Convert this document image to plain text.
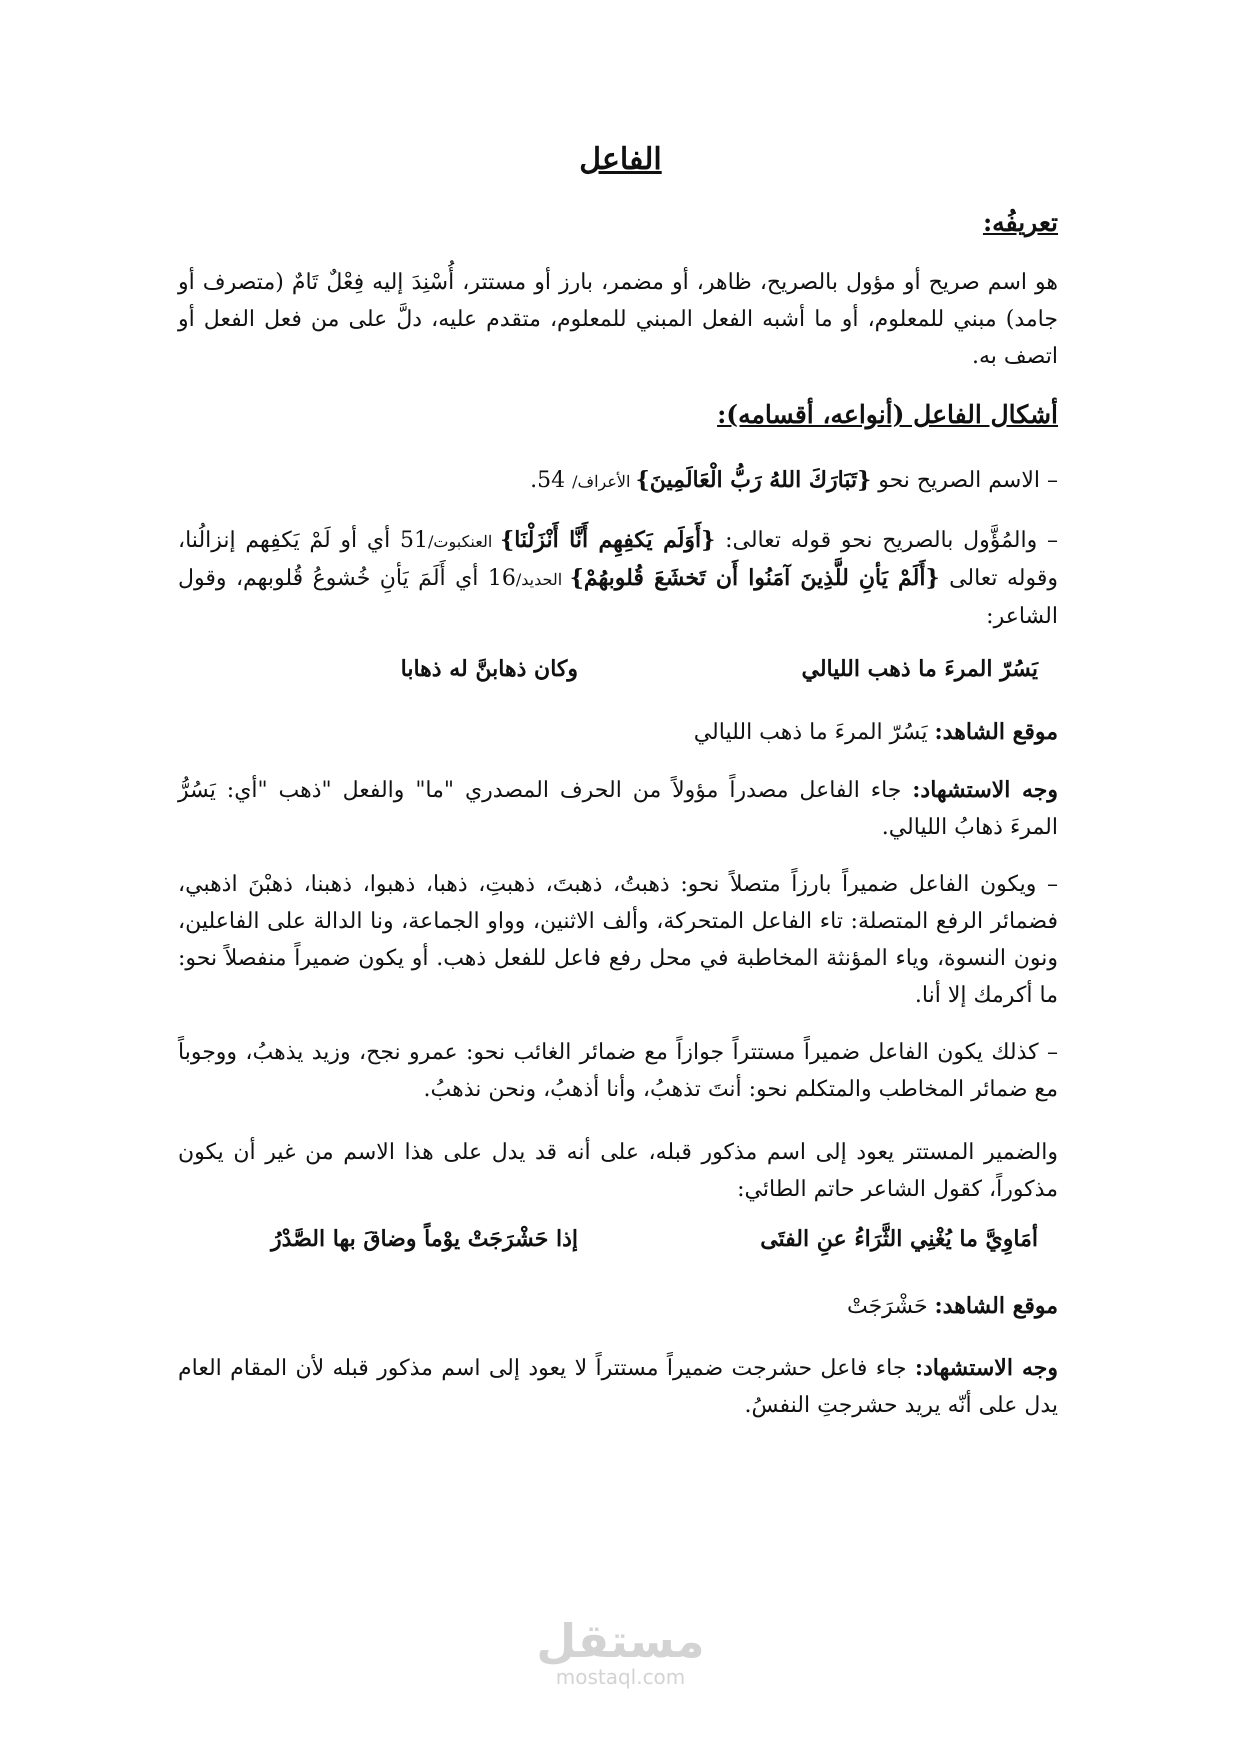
الفاعل
تعريفُه:

هو اسم صريح أو مؤول بالصريح، ظاهر، أو مضمر، بارز أو مستتر، أُسْنِدَ إليه فِعْلٌ تَامٌ (متصرف أو جامد) مبني للمعلوم، أو ما أشبه الفعل المبني للمعلوم، متقدم عليه، دلَّ على من فعل الفعل أو اتصف به.

أشكال الفاعل (أنواعه، أقسامه):

– الاسم الصريح نحو {تَبَارَكَ اللهُ رَبُّ الْعَالَمِينَ} الأعراف/ 54.

– والمُؤَّول بالصريح نحو قوله تعالى: {أَوَلَم يَكفِهِم أَنَّا أَنْزَلْنَا} العنكبوت/51 أي أو لَمْ يَكفِهم إنزالُنا، وقوله تعالى {أَلَمْ يَأنِ للَّذِينَ آمَنُوا أَن تَخشَعَ قُلوبهُمْ} الحديد/16 أي أَلَمَ يَأنِ خُشوعُ قُلوبهم، وقول الشاعر:

يَسُرّ المرءَ ما ذهب الليالي
وكان ذهابنَّ له ذهابا

موقع الشاهد: يَسُرّ المرءَ ما ذهب الليالي

وجه الاستشهاد: جاء الفاعل مصدراً مؤولاً من الحرف المصدري "ما" والفعل "ذهب "أي: يَسُرُّ المرءَ ذهابُ الليالي.

– ويكون الفاعل ضميراً بارزاً متصلاً نحو: ذهبتُ، ذهبتَ، ذهبتِ، ذهبا، ذهبوا، ذهبنا، ذهبْنَ اذهبي، فضمائر الرفع المتصلة: تاء الفاعل المتحركة، وألف الاثنين، وواو الجماعة، ونا الدالة على الفاعلين، ونون النسوة، وياء المؤنثة المخاطبة في محل رفع فاعل للفعل ذهب. أو يكون ضميراً منفصلاً نحو: ما أكرمك إلا أنا.

– كذلك يكون الفاعل ضميراً مستتراً جوازاً مع ضمائر الغائب نحو: عمرو نجح، وزيد يذهبُ، ووجوباً مع ضمائر المخاطب والمتكلم نحو: أنتَ تذهبُ، وأنا أذهبُ، ونحن نذهبُ.

والضمير المستتر يعود إلى اسم مذكور قبله، على أنه قد يدل على هذا الاسم من غير أن يكون مذكوراً، كقول الشاعر حاتم الطائي:

أمَاوِيَّ ما يُغْنِي الثَّرَاءُ عنِ الفتَى
إذا حَشْرَجَتْ يوْماً وضاقَ بها الصَّدْرُ

موقع الشاهد: حَشْرَجَتْ

وجه الاستشهاد: جاء فاعل حشرجت ضميراً مستتراً لا يعود إلى اسم مذكور قبله لأن المقام العام يدل على أنّه يريد حشرجتِ النفسُ.

مستقل
mostaql.com
